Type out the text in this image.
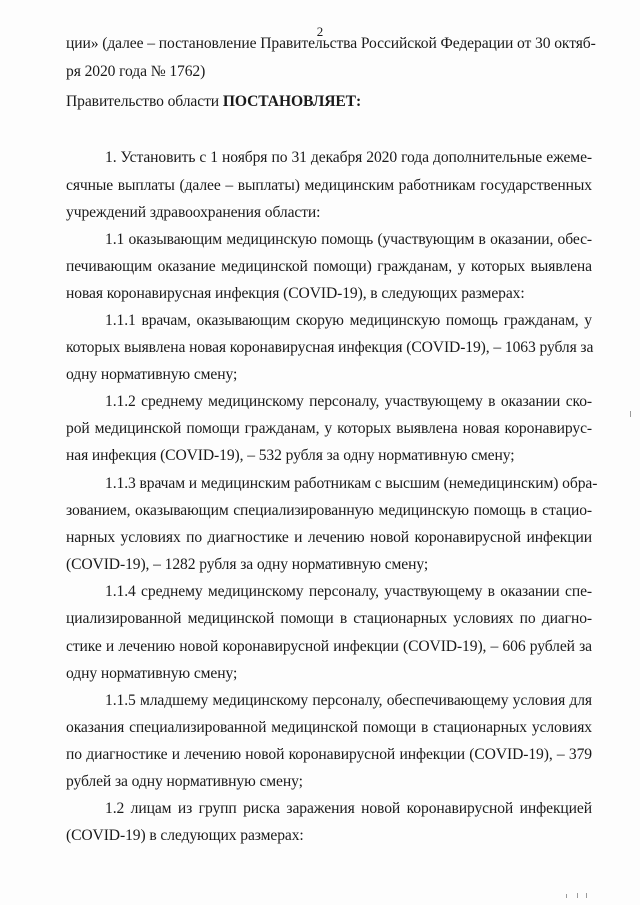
2
ции» (далее – постановление Правительства Российской Федерации от 30 октяб-
ря 2020 года № 1762)
Правительство области ПОСТАНОВЛЯЕТ:
1. Установить с 1 ноября по 31 декабря 2020 года дополнительные ежеме-
сячные выплаты (далее – выплаты) медицинским работникам государственных
учреждений здравоохранения области:
1.1 оказывающим медицинскую помощь (участвующим в оказании, обес-
печивающим оказание медицинской помощи) гражданам, у которых выявлена
новая коронавирусная инфекция (COVID-19), в следующих размерах:
1.1.1 врачам, оказывающим скорую медицинскую помощь гражданам, у
которых выявлена новая коронавирусная инфекция (COVID-19), – 1063 рубля за
одну нормативную смену;
1.1.2 среднему медицинскому персоналу, участвующему в оказании ско-
рой медицинской помощи гражданам, у которых выявлена новая коронавирус-
ная инфекция (COVID-19), – 532 рубля за одну нормативную смену;
1.1.3 врачам и медицинским работникам с высшим (немедицинским) обра-
зованием, оказывающим специализированную медицинскую помощь в стацио-
нарных условиях по диагностике и лечению новой коронавирусной инфекции
(COVID-19), – 1282 рубля за одну нормативную смену;
1.1.4 среднему медицинскому персоналу, участвующему в оказании спе-
циализированной медицинской помощи в стационарных условиях по диагно-
стике и лечению новой коронавирусной инфекции (COVID-19), – 606 рублей за
одну нормативную смену;
1.1.5 младшему медицинскому персоналу, обеспечивающему условия для
оказания специализированной медицинской помощи в стационарных условиях
по диагностике и лечению новой коронавирусной инфекции (COVID-19), – 379
рублей за одну нормативную смену;
1.2 лицам из групп риска заражения новой коронавирусной инфекцией
(COVID-19) в следующих размерах:
